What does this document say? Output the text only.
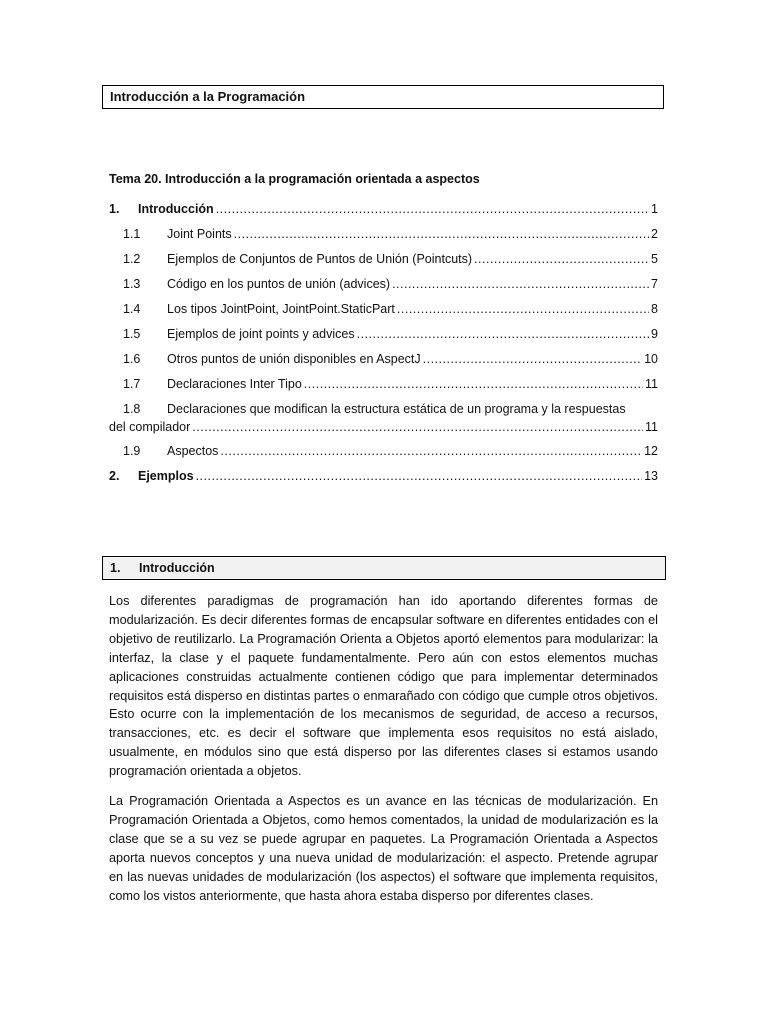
Introducción a la Programación
Tema 20. Introducción a la programación orientada a aspectos
1.	Introducción .....	1
1.1	Joint Points .....	2
1.2	Ejemplos de Conjuntos de Puntos de Unión (Pointcuts) .....	5
1.3	Código en los puntos de unión (advices) .....	7
1.4	Los tipos JointPoint, JointPoint.StaticPart .....	8
1.5	Ejemplos de joint points y advices .....	9
1.6	Otros puntos de unión disponibles en AspectJ .....	10
1.7	Declaraciones Inter Tipo .....	11
1.8	Declaraciones que modifican la estructura estática de un programa y la respuestas
del compilador .....	11
1.9	Aspectos .....	12
2.	Ejemplos .....	13
1.	Introducción

Los diferentes paradigmas de programación han ido aportando diferentes formas de modularización. Es decir diferentes formas de encapsular software en diferentes entidades con el objetivo de reutilizarlo. La Programación Orienta a Objetos aportó elementos para modularizar: la interfaz, la clase y el paquete fundamentalmente. Pero aún con estos elementos muchas aplicaciones construidas actualmente contienen código que para implementar determinados requisitos está disperso en distintas partes o enmarañado con código que cumple otros objetivos. Esto ocurre con la implementación de los mecanismos de seguridad, de acceso a recursos, transacciones, etc. es decir el software que implementa esos requisitos no está aislado, usualmente, en módulos sino que está disperso por las diferentes clases si estamos usando programación orientada a objetos.

La Programación Orientada a Aspectos es un avance en las técnicas de modularización. En Programación Orientada a Objetos, como hemos comentados, la unidad de modularización es la clase que se a su vez se puede agrupar en paquetes. La Programación Orientada a Aspectos aporta nuevos conceptos y una nueva unidad de modularización: el aspecto. Pretende agrupar en las nuevas unidades de modularización (los aspectos) el software que implementa requisitos, como los vistos anteriormente, que hasta ahora estaba disperso por diferentes clases.
